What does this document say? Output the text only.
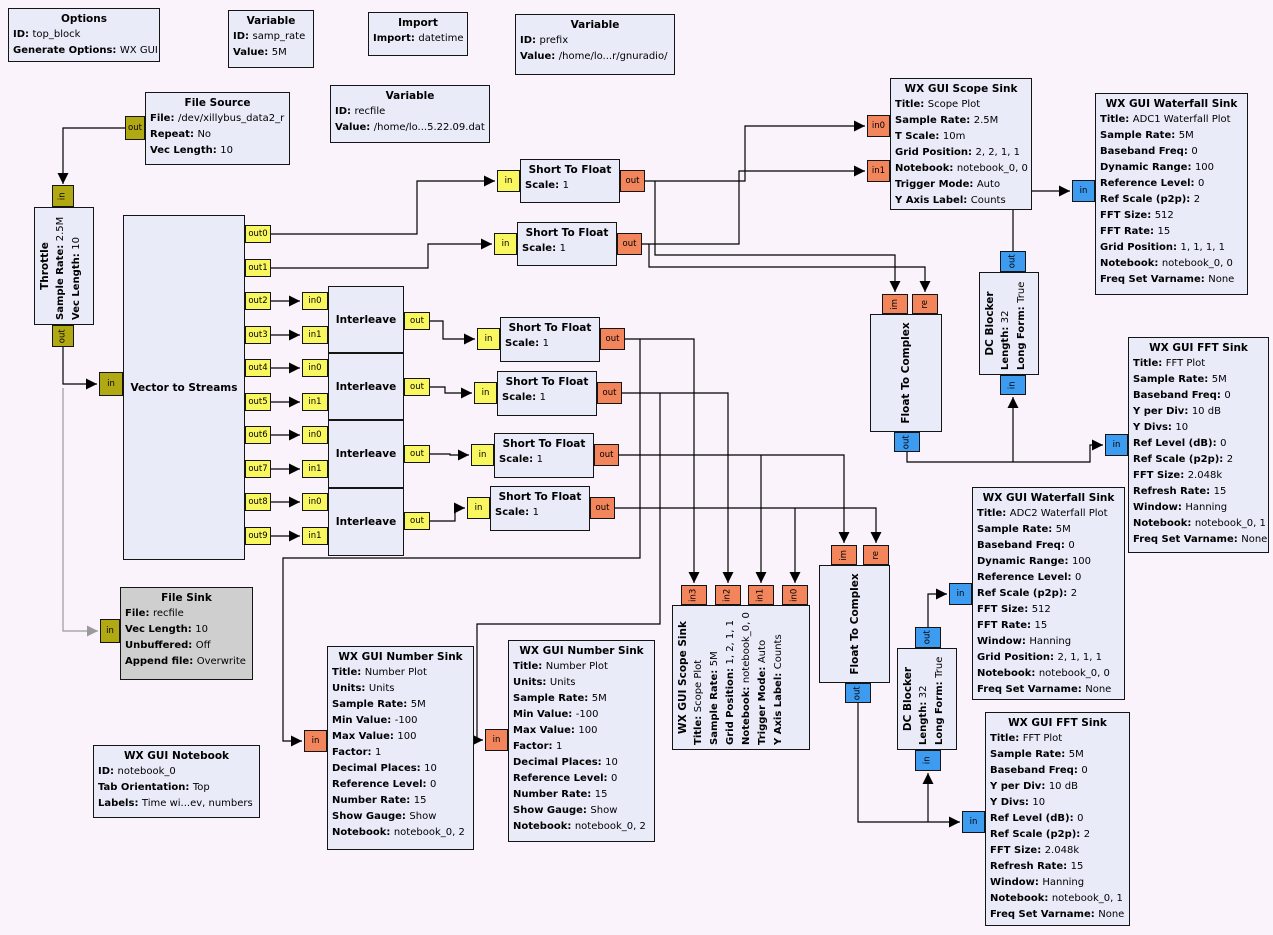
Options
ID: top_block
Generate Options: WX GUI
Variable
ID: samp_rate
Value: 5M
Import
Import: datetime
Variable
ID: prefix
Value: /home/lo...r/gnuradio/
Variable
ID: recfile
Value: /home/lo...5.22.09.dat
File Source
File: /dev/xillybus_data2_r
Repeat: No
Vec Length: 10
Throttle Sample Rate: 2.5M
Vec Length: 10
Vector to Streams
Interleave
Interleave
Interleave
Interleave
Short To Float
Scale: 1
Short To Float
Scale: 1
Short To Float
Scale: 1
Short To Float
Scale: 1
Short To Float
Scale: 1
Short To Float
Scale: 1
WX GUI Scope Sink
Title: Scope Plot
Sample Rate: 2.5M
T Scale: 10m
Grid Position: 2, 2, 1, 1
Notebook: notebook_0, 0
Trigger Mode: Auto
Y Axis Label: Counts
WX GUI Waterfall Sink
Title: ADC1 Waterfall Plot
Sample Rate: 5M
Baseband Freq: 0
Dynamic Range: 100
Reference Level: 0
Ref Scale (p2p): 2
FFT Size: 512
FFT Rate: 15
Grid Position: 1, 1, 1, 1
Notebook: notebook_0, 0
Freq Set Varname: None
DC Blocker Length: 32 Long Form: True
Float To Complex	WX GUI FFT Sink
Title: FFT Plot
Sample Rate: 5M
Baseband Freq: 0
Y per Div: 10 dB
Y Divs: 10
Ref Level (dB): 0
Ref Scale (p2p): 2
FFT Size: 2.048k
Refresh Rate: 15
Window: Hanning
Notebook: notebook_0, 1
Freq Set Varname: None
WX GUI Waterfall Sink
Title: ADC2 Waterfall Plot
Sample Rate: 5M
Baseband Freq: 0
Dynamic Range: 100
Reference Level: 0
Ref Scale (p2p): 2
FFT Size: 512
FFT Rate: 15
Window: Hanning
Grid Position: 2, 1, 1, 1
Notebook: notebook_0, 0
Freq Set Varname: None
Float To Complex
DC Blocker Length: 32 Long Form: True
WX GUI Scope Sink Title: Scope Plot Sample Rate: 5M
Grid Position: 1, 2, 1, 1
Notebook: notebook_0, 0
Trigger Mode: Auto
Y Axis Label: Counts
WX GUI Number Sink
Title: Number Plot
Units: Units
Sample Rate: 5M
Min Value: -100
Max Value: 100
Factor: 1
Decimal Places: 10
Reference Level: 0
Number Rate: 15
Show Gauge: Show
Notebook: notebook_0, 2
WX GUI Number Sink
Title: Number Plot
Units: Units
Sample Rate: 5M
Min Value: -100
Max Value: 100
Factor: 1
Decimal Places: 10
Reference Level: 0
Number Rate: 15
Show Gauge: Show
Notebook: notebook_0, 2
WX GUI FFT Sink
Title: FFT Plot
Sample Rate: 5M
Baseband Freq: 0
Y per Div: 10 dB
Y Divs: 10
Ref Level (dB): 0
Ref Scale (p2p): 2
FFT Size: 2.048k
Refresh Rate: 15
Window: Hanning
Notebook: notebook_0, 1
Freq Set Varname: None
File Sink
File: recfile
Vec Length: 10
Unbuffered: Off
Append file: Overwrite
WX GUI Notebook
ID: notebook_0
Tab Orientation: Top
Labels: Time wi...ev, numbers
out
in
out
in
out0
out1
out2
out3
out4
out5
out6
out7
out8
out9
in0
in1
out
in0
in1
out
in0
in1
out
in0
in1
out
in	out
in	out
in	out
in	out
in	out
in	out
in0
in1
in
out
in
im re
out	in
in
im	re
out
out
in
in3	in2	in1	in0
in	in
in
in
